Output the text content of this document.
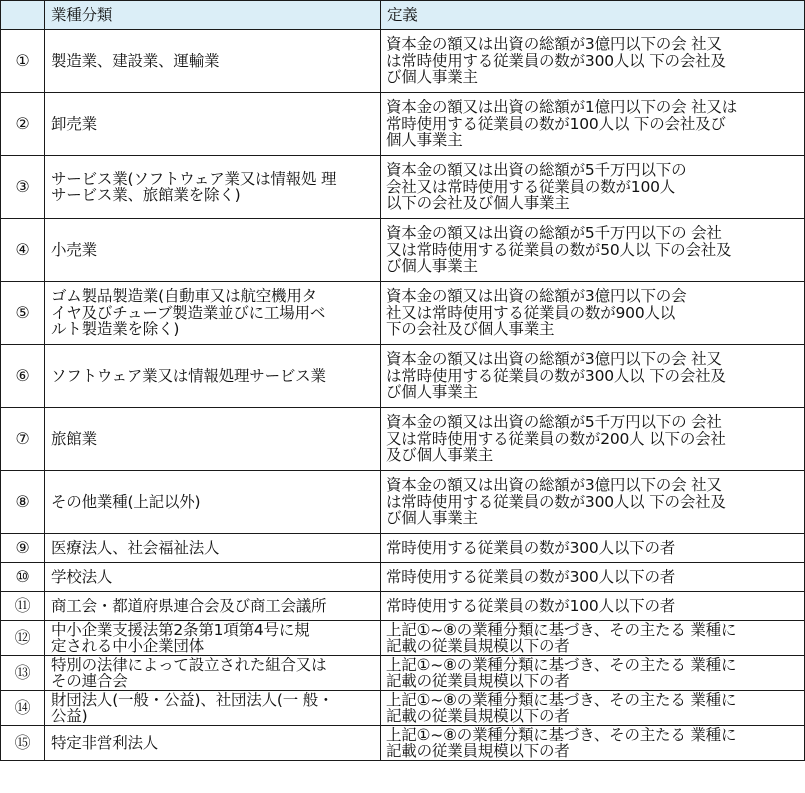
	業種分類	定義
①	製造業、建設業、運輸業	資本金の額又は出資の総額が3億円以下の会 社又
は常時使用する従業員の数が300人以 下の会社及
び個人事業主
②	卸売業	資本金の額又は出資の総額が1億円以下の会 社又は
常時使用する従業員の数が100人以 下の会社及び
個人事業主
③	サービス業(ソフトウェア業又は情報処 理
サービス業、旅館業を除く)	資本金の額又は出資の総額が5千万円以下の
会社又は常時使用する従業員の数が100人
以下の会社及び個人事業主
④	小売業	資本金の額又は出資の総額が5千万円以下の 会社
又は常時使用する従業員の数が50人以 下の会社及
び個人事業主
⑤	ゴム製品製造業(自動車又は航空機用タ
イヤ及びチューブ製造業並びに工場用ベ
ルト製造業を除く)	資本金の額又は出資の総額が3億円以下の会
社又は常時使用する従業員の数が900人以
下の会社及び個人事業主
⑥	ソフトウェア業又は情報処理サービス業	資本金の額又は出資の総額が3億円以下の会 社又
は常時使用する従業員の数が300人以 下の会社及
び個人事業主
⑦	旅館業	資本金の額又は出資の総額が5千万円以下の 会社
又は常時使用する従業員の数が200人 以下の会社
及び個人事業主
⑧	その他業種(上記以外)	資本金の額又は出資の総額が3億円以下の会 社又
は常時使用する従業員の数が300人以 下の会社及
び個人事業主
⑨	医療法人、社会福祉法人	常時使用する従業員の数が300人以下の者
⑩	学校法人	常時使用する従業員の数が300人以下の者
⑪	商工会・都道府県連合会及び商工会議所	常時使用する従業員の数が100人以下の者
⑫	中小企業支援法第2条第1項第4号に規
定される中小企業団体	上記①~⑧の業種分類に基づき、その主たる 業種に
記載の従業員規模以下の者
⑬	特別の法律によって設立された組合又は
その連合会	上記①~⑧の業種分類に基づき、その主たる 業種に
記載の従業員規模以下の者
⑭	財団法人(一般・公益)、社団法人(一 般・
公益)	上記①~⑧の業種分類に基づき、その主たる 業種に
記載の従業員規模以下の者
⑮	特定非営利法人	上記①~⑧の業種分類に基づき、その主たる 業種に
記載の従業員規模以下の者
